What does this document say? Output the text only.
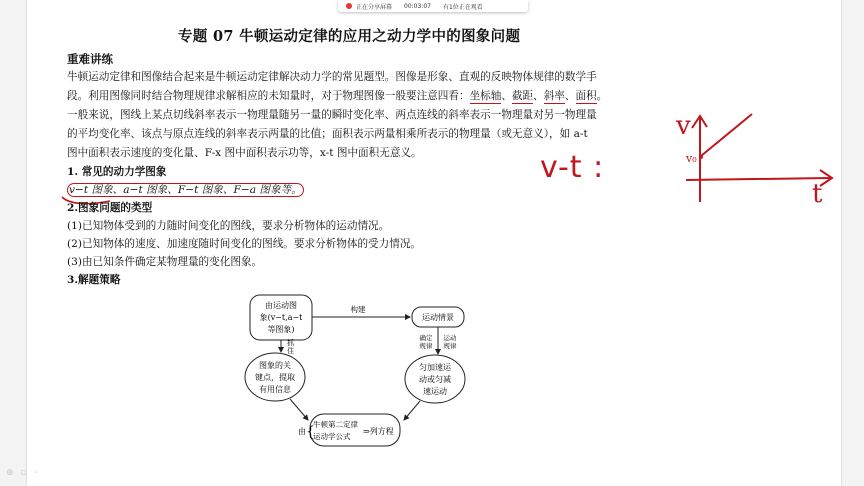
正在分享屏幕 00:03:07 有1位正在观看
专题 07 牛顿运动定律的应用之动力学中的图象问题
重难讲练
牛顿运动定律和图像结合起来是牛顿运动定律解决动力学的常见题型。图像是形象、直观的反映物体规律的数学手
段。利用图像同时结合物理规律求解相应的未知量时，对于物理图像一般要注意四看：坐标轴、截距、斜率、面积。
一般来说，图线上某点切线斜率表示一物理量随另一量的瞬时变化率、两点连线的斜率表示一物理量对另一物理量
的平均变化率、该点与原点连线的斜率表示两量的比值；面积表示两量相乘所表示的物理量（或无意义），如 a-t
图中面积表示速度的变化量、F-x 图中面积表示功等，x-t 图中面积无意义。
1. 常见的动力学图象
v−t 图象、a−t 图象、F−t 图象、F−a 图象等。
2.图象问题的类型
(1)已知物体受到的力随时间变化的图线，要求分析物体的运动情况。
(2)已知物体的速度、加速度随时间变化的图线。要求分析物体的受力情况。
(3)由已知条件确定某物理量的变化图象。
3.解题策略
由运动图
象(v−t,a−t
等图象)
构建
运动情景
抓
住
确定
规律
运动
规律
图象的关
键点，提取
有用信息
匀加速运
动或匀减
速运动
由 {
牛顿第二定律
运动学公式
⇒列方程
v-t :
v
t
v₀
⊕ ▫ ◦
